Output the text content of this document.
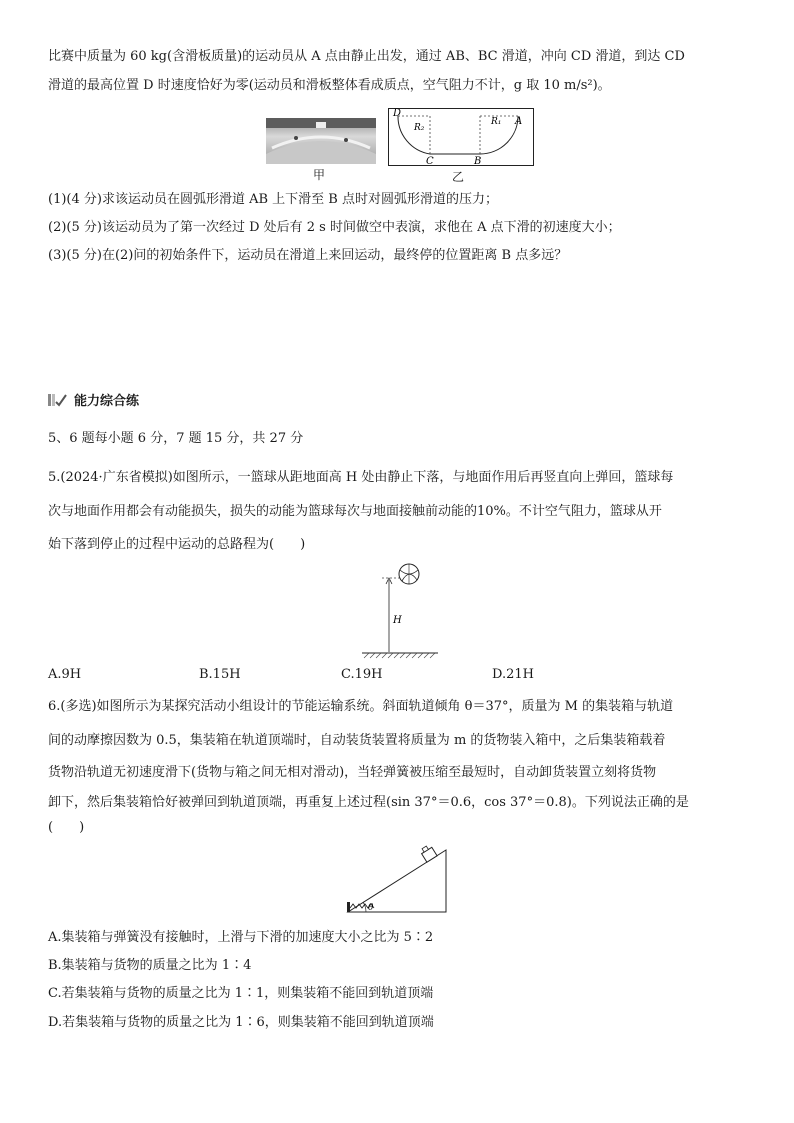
比赛中质量为 60 kg(含滑板质量)的运动员从 A 点由静止出发，通过 AB、BC 滑道，冲向 CD 滑道，到达 CD
滑道的最高位置 D 时速度恰好为零(运动员和滑板整体看成质点，空气阻力不计，g 取 10 m/s²)。
甲
D
R₂
R₁ A
C	B
乙
(1)(4 分)求该运动员在圆弧形滑道 AB 上下滑至 B 点时对圆弧形滑道的压力；
(2)(5 分)该运动员为了第一次经过 D 处后有 2 s 时间做空中表演，求他在 A 点下滑的初速度大小；
(3)(5 分)在(2)问的初始条件下，运动员在滑道上来回运动，最终停的位置距离 B 点多远？
能力综合练
5、6 题每小题 6 分，7 题 15 分，共 27 分
5.(2024·广东省模拟)如图所示，一篮球从距地面高 H 处由静止下落，与地面作用后再竖直向上弹回，篮球每
次与地面作用都会有动能损失，损失的动能为篮球每次与地面接触前动能的10%。不计空气阻力，篮球从开
始下落到停止的过程中运动的总路程为(　　)
H
A.9H	B.15H	C.19H	D.21H
6.(多选)如图所示为某探究活动小组设计的节能运输系统。斜面轨道倾角 θ＝37°，质量为 M 的集装箱与轨道
间的动摩擦因数为 0.5，集装箱在轨道顶端时，自动装货装置将质量为 m 的货物装入箱中，之后集装箱载着
货物沿轨道无初速度滑下(货物与箱之间无相对滑动)，当轻弹簧被压缩至最短时，自动卸货装置立刻将货物
卸下，然后集装箱恰好被弹回到轨道顶端，再重复上述过程(sin 37°＝0.6，cos 37°＝0.8)。下列说法正确的是
(　　)
θ
A.集装箱与弹簧没有接触时，上滑与下滑的加速度大小之比为 5∶2
B.集装箱与货物的质量之比为 1∶4
C.若集装箱与货物的质量之比为 1∶1，则集装箱不能回到轨道顶端
D.若集装箱与货物的质量之比为 1∶6，则集装箱不能回到轨道顶端
